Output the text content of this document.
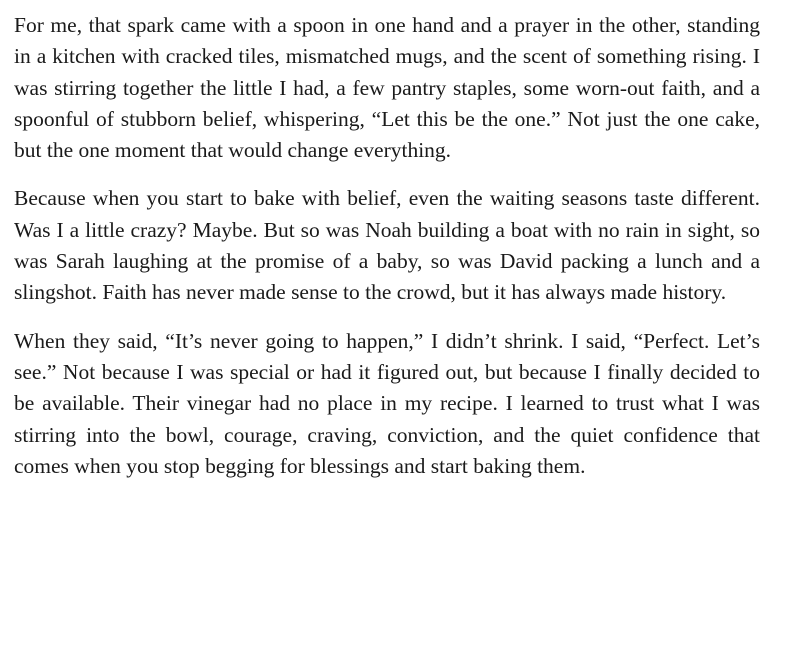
For me, that spark came with a spoon in one hand and a prayer in the other, standing in a kitchen with cracked tiles, mismatched mugs, and the scent of something rising. I was stirring together the little I had, a few pantry staples, some worn-out faith, and a spoonful of stubborn belief, whispering, “Let this be the one.” Not just the one cake, but the one moment that would change everything.

Because when you start to bake with belief, even the waiting seasons taste different. Was I a little crazy? Maybe. But so was Noah building a boat with no rain in sight, so was Sarah laughing at the promise of a baby, so was David packing a lunch and a slingshot. Faith has never made sense to the crowd, but it has always made history.

When they said, “It’s never going to happen,” I didn’t shrink. I said, “Perfect. Let’s see.” Not because I was special or had it figured out, but because I finally decided to be available. Their vinegar had no place in my recipe. I learned to trust what I was stirring into the bowl, courage, craving, conviction, and the quiet confidence that comes when you stop begging for blessings and start baking them.
